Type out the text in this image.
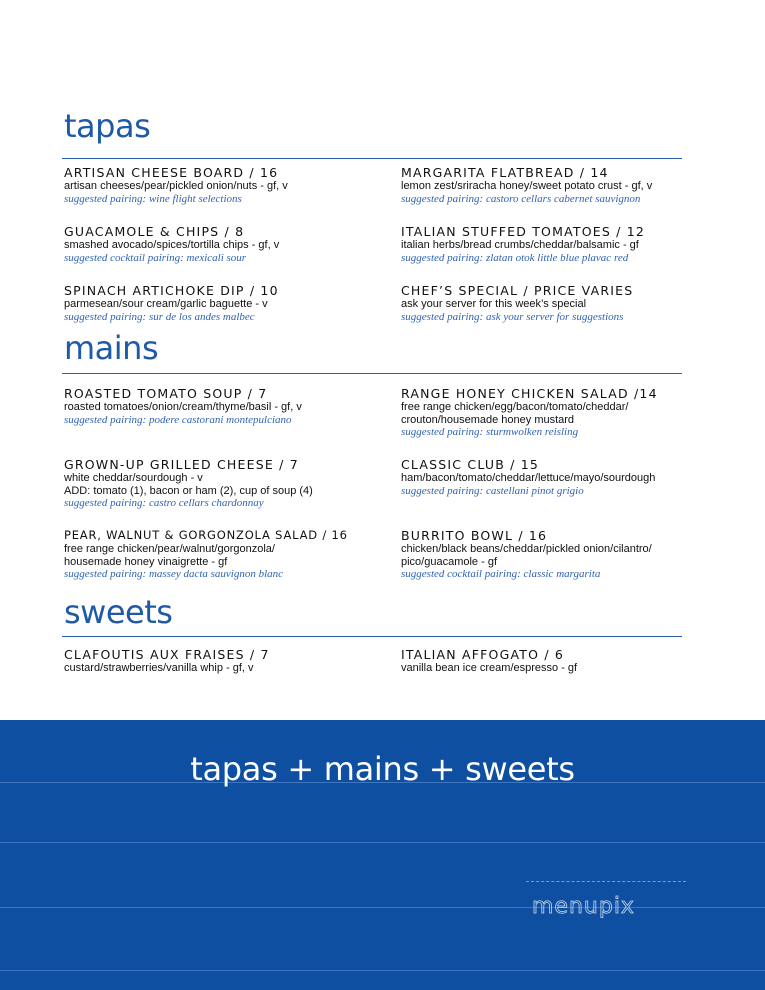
tapas
ARTISAN CHEESE BOARD / 16
artisan cheeses/pear/pickled onion/nuts - gf, v
suggested pairing: wine flight selections
MARGARITA FLATBREAD / 14
lemon zest/sriracha honey/sweet potato crust - gf, v
suggested pairing: castoro cellars cabernet sauvignon
GUACAMOLE & CHIPS / 8
smashed avocado/spices/tortilla chips - gf, v
suggested cocktail pairing: mexicali sour
ITALIAN STUFFED TOMATOES / 12
italian herbs/bread crumbs/cheddar/balsamic - gf
suggested pairing: zlatan otok little blue plavac red
SPINACH ARTICHOKE DIP / 10
parmesean/sour cream/garlic baguette - v
suggested pairing: sur de los andes malbec
CHEF’S SPECIAL / PRICE VARIES
ask your server for this week’s special
suggested pairing: ask your server for suggestions
mains
ROASTED TOMATO SOUP / 7
roasted tomatoes/onion/cream/thyme/basil - gf, v
suggested pairing: podere castorani montepulciano
RANGE HONEY CHICKEN SALAD /14
free range chicken/egg/bacon/tomato/cheddar/
crouton/housemade honey mustard
suggested pairing: sturmwolken reisling
GROWN-UP GRILLED CHEESE / 7
white cheddar/sourdough - v
ADD: tomato (1), bacon or ham (2), cup of soup (4)
suggested pairing: castro cellars chardonnay
CLASSIC CLUB / 15
ham/bacon/tomato/cheddar/lettuce/mayo/sourdough
suggested pairing: castellani pinot grigio
PEAR, WALNUT & GORGONZOLA SALAD / 16
free range chicken/pear/walnut/gorgonzola/
housemade honey vinaigrette - gf
suggested pairing: massey dacta sauvignon blanc
BURRITO BOWL / 16
chicken/black beans/cheddar/pickled onion/cilantro/
pico/guacamole - gf
suggested cocktail pairing: classic margarita
sweets
CLAFOUTIS AUX FRAISES / 7
custard/strawberries/vanilla whip - gf, v
ITALIAN AFFOGATO / 6
vanilla bean ice cream/espresso - gf
tapas + mains + sweets
menupix
